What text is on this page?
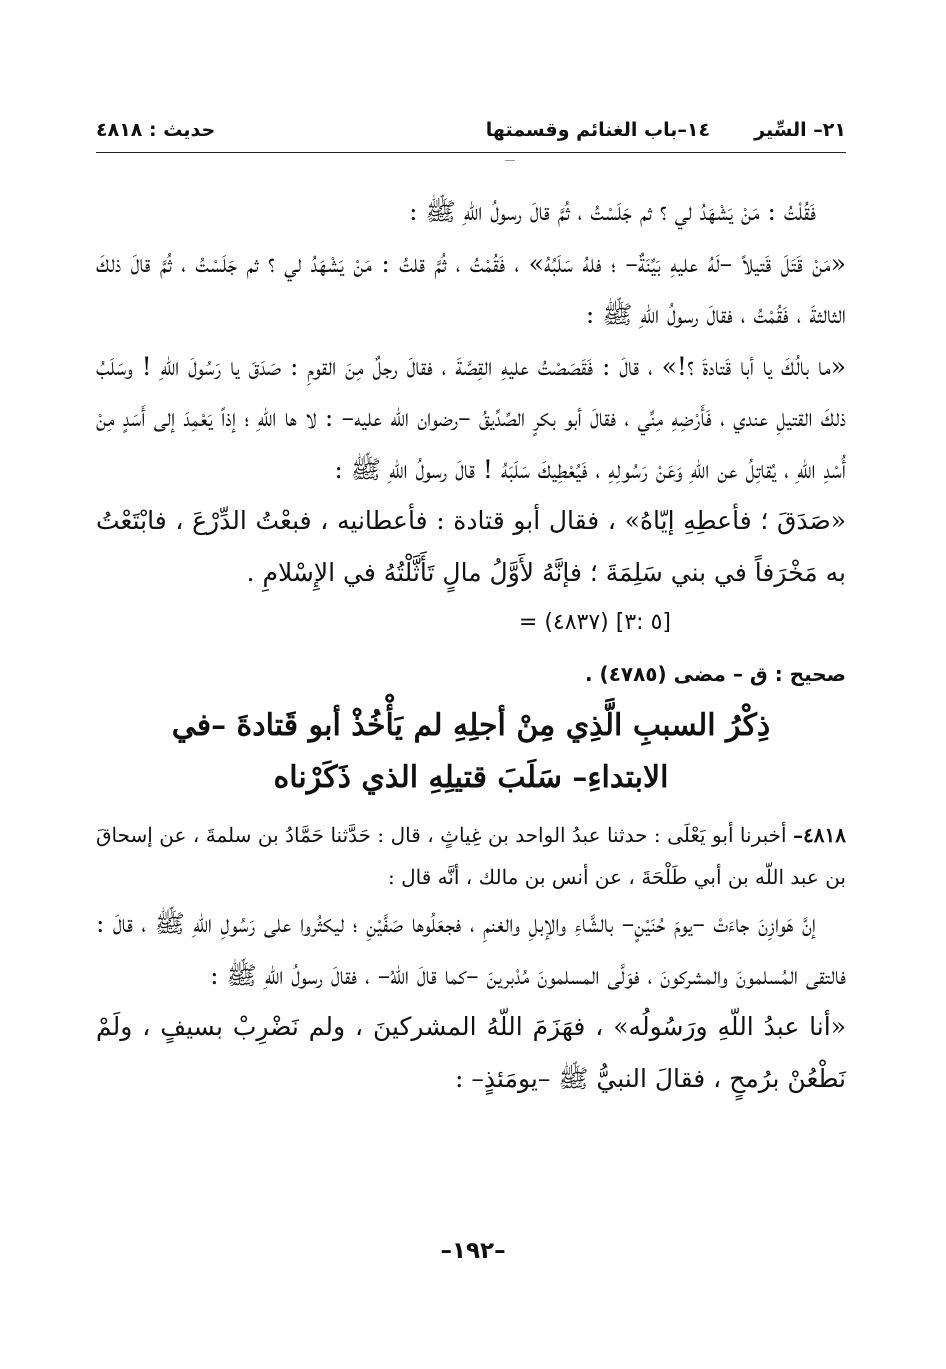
٢١– السِّير
١٤–باب الغنائم وقسمتها
حديث : ٤٨١٨

فَقُلْتُ : مَنْ يَشْهَدُ لي ؟ ثم جَلَسْتُ ، ثُمَّ قالَ رسولُ اللّهِ ﷺ :

«مَنْ قَتَلَ قَتيلاً –لَهُ عليهِ بَيِّنَةٌ– ؛ فلهُ سَلَبُهُ» ، فَقُمْتُ ، ثُمَّ قلتُ : مَنْ يَشْهَدُ لي ؟ ثم جَلَسْتُ ، ثُمَّ قالَ ذلكَ الثالثةَ ، فَقُمْتُ ، فقالَ رسولُ اللّهِ ﷺ :

«ما بالُكَ يا أبا قَتادةَ ؟!» ، قالَ : فَقَصَصْتُ عليهِ القِصَّةَ ، فقالَ رجلٌ مِنَ القومِ : صَدَقَ يا رَسُولَ اللّهِ ! وسَلَبُ ذلكَ القتيلِ عندي ، فَأَرْضِهِ مِنِّي ، فقالَ أبو بكرٍ الصِّدِّيقُ –رضوان اللّه عليه– : لا ها اللّهِ ؛ إذاً يَعْمِدَ إلى أَسَدٍ مِنْ أُسْدِ اللّهِ ، يُقاتِلُ عن اللّهِ وَعَنْ رَسُولِهِ ، فَيُعْطِيكَ سَلَبَهُ ! قالَ رسولُ اللّهِ ﷺ :

«صَدَقَ ؛ فأعطِهِ إيّاهُ» ، فقال أبو قتادة : فأعطانيه ، فبعْتُ الدِّرْعَ ، فابْتَعْتُ به مَخْرَفاً في بني سَلِمَةَ ؛ فإنَّهُ لأَوَّلُ مالٍ تَأَثَّلْتُهُ في الإِسْلامِ .

= (٤٨٣٧) [٥ :٣]

صحيح : ق – مضى (٤٧٨٥) .

ذِكْرُ السببِ الَّذِي مِنْ أجلِهِ لم يَأْخُذْ أبو قَتادةَ –في الابتداءِ– سَلَبَ قتيلِهِ الذي ذَكَرْناه

٤٨١٨– أخبرنا أبو يَعْلَى : حدثنا عبدُ الواحد بن غِياثٍ ، قال : حَدَّثنا حَمَّادُ بن سلمةَ ، عن إسحاقَ بن عبد اللّه بن أبي طَلْحَةَ ، عن أنس بن مالك ، أنَّه قال :

إنَّ هَوازِنَ جاءَتْ –يومَ حُنَيْنٍ– بالشَّاءِ والإبلِ والغنمِ ، فجعَلُوها صَفَّيْنِ ؛ ليكثُروا على رَسُولِ اللّهِ ﷺ ، قالَ : فالتقى المُسلمونَ والمشركونَ ، فوَلَّى المسلمونَ مُدْبرينَ –كما قالَ اللّهُ– ، فقالَ رسولُ اللّهِ ﷺ :

«أنا عبدُ اللّهِ ورَسُولُه» ، فهَزَمَ اللّهُ المشركينَ ، ولم نَضْرِبْ بسيفٍ ، ولَمْ نَطْعُنْ برُمحٍ ، فقالَ النبيُّ ﷺ –يومَئذٍ– :

–١٩٢–
